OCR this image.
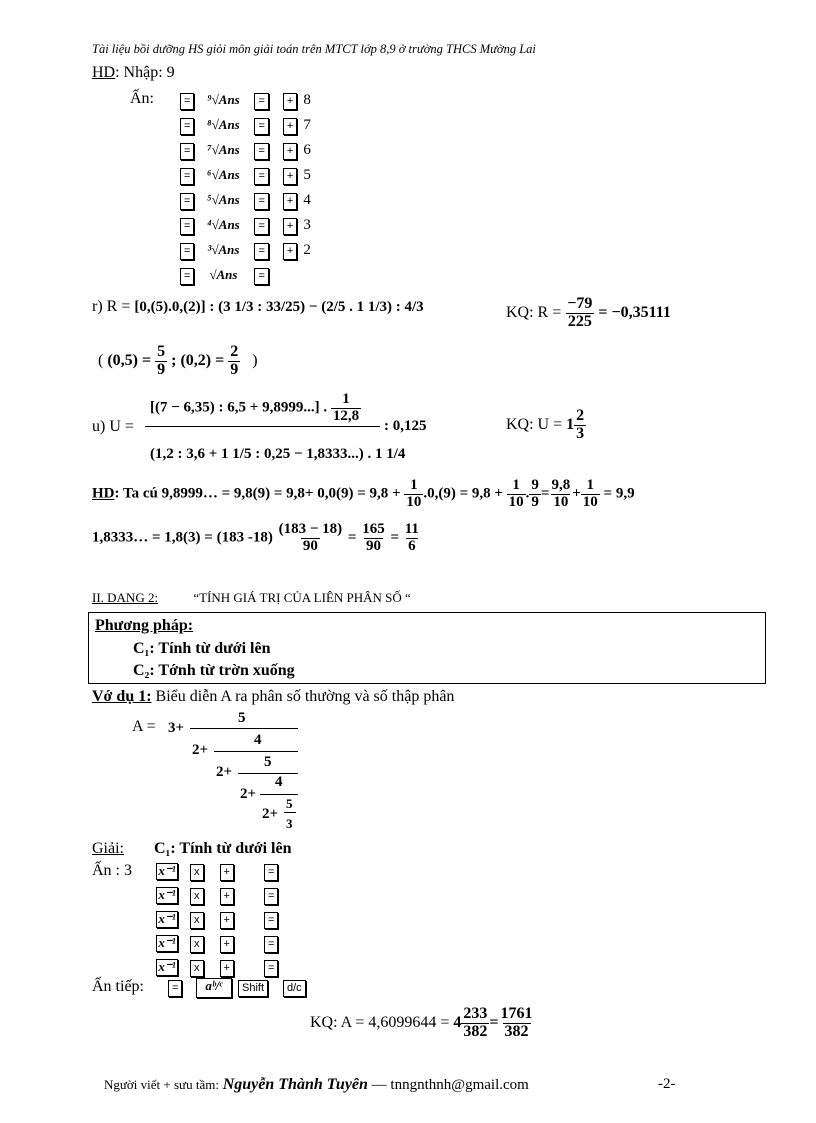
Tài liệu bồi dưỡng HS giỏi môn giải toán trên MTCT lớp 8,9 ở trường THCS Mường Lai
HD: Nhập: 9
Ấn:	= ⁹√Ans = + 8
= ⁸√Ans = + 7
= ⁷√Ans = + 6
= ⁶√Ans = + 5
= ⁵√Ans = + 4
= ⁴√Ans = + 3
= ³√Ans = + 2
= √Ans =
r) R = [0,(5).0,(2)] : (3 1/3 : 33/25) − (2/5 . 1 1/3) : 4/3	KQ: $R = \frac{-79}{225} = -0,35111$
( $(0,5) = \frac{5}{9}$ ; $(0,2) = \frac{2}{9}$ )
u) U =
[(7 − 6,35) : 6,5 + 9,8999...] . $\frac{1}{12,8}$
(1,2 : 3,6 + 1 1/5 : 0,25 − 1,8333...) . 1 1/4
: 0,125	KQ: $U = 1 \frac{2}{3}$
HD: Ta cú 9,8999… = $9,8(9) = 9,8+ 0,0(9) = 9,8 + \frac{1}{10} .0,(9) = 9,8 + \frac{1}{10}$ . $\frac{9}{9} = \frac{9,8}{10} + \frac{1}{10} = 9,9$
1,8333… = 1,8(3) = (183 $-18) \frac{(183 - 18)}{90} = \frac{165}{90} = \frac{11}{6}$
II. DANG 2:	“TÍNH GIÁ TRỊ CỦA LIÊN PHÂN SỐ “
Phương pháp:
C₁: Tính từ dưới lên
C₂: Tớnh từ trờn xuống
Vớ dụ 1: Biểu diễn A ra phân số thường và số thập phân
A = 3+
5
2+
4
2+
5
2+
4
2+
5
3
Giải: C₁: Tính từ dưới lên
Ấn : 3 x⁻¹ x +	=
x⁻¹ x +	=
x⁻¹ x +	=
x⁻¹ x +	=
x⁻¹ x +	=
Ấn tiếp:	=	aᵇ/ᶜ	Shift	d/c
KQ: $A = 4,6099644 = 4 \frac{233}{382} = \frac{1761}{382}$
Người viết + sưu tầm: Nguyễn Thành Tuyên — tnngnthnh@gmail.com	-2-
